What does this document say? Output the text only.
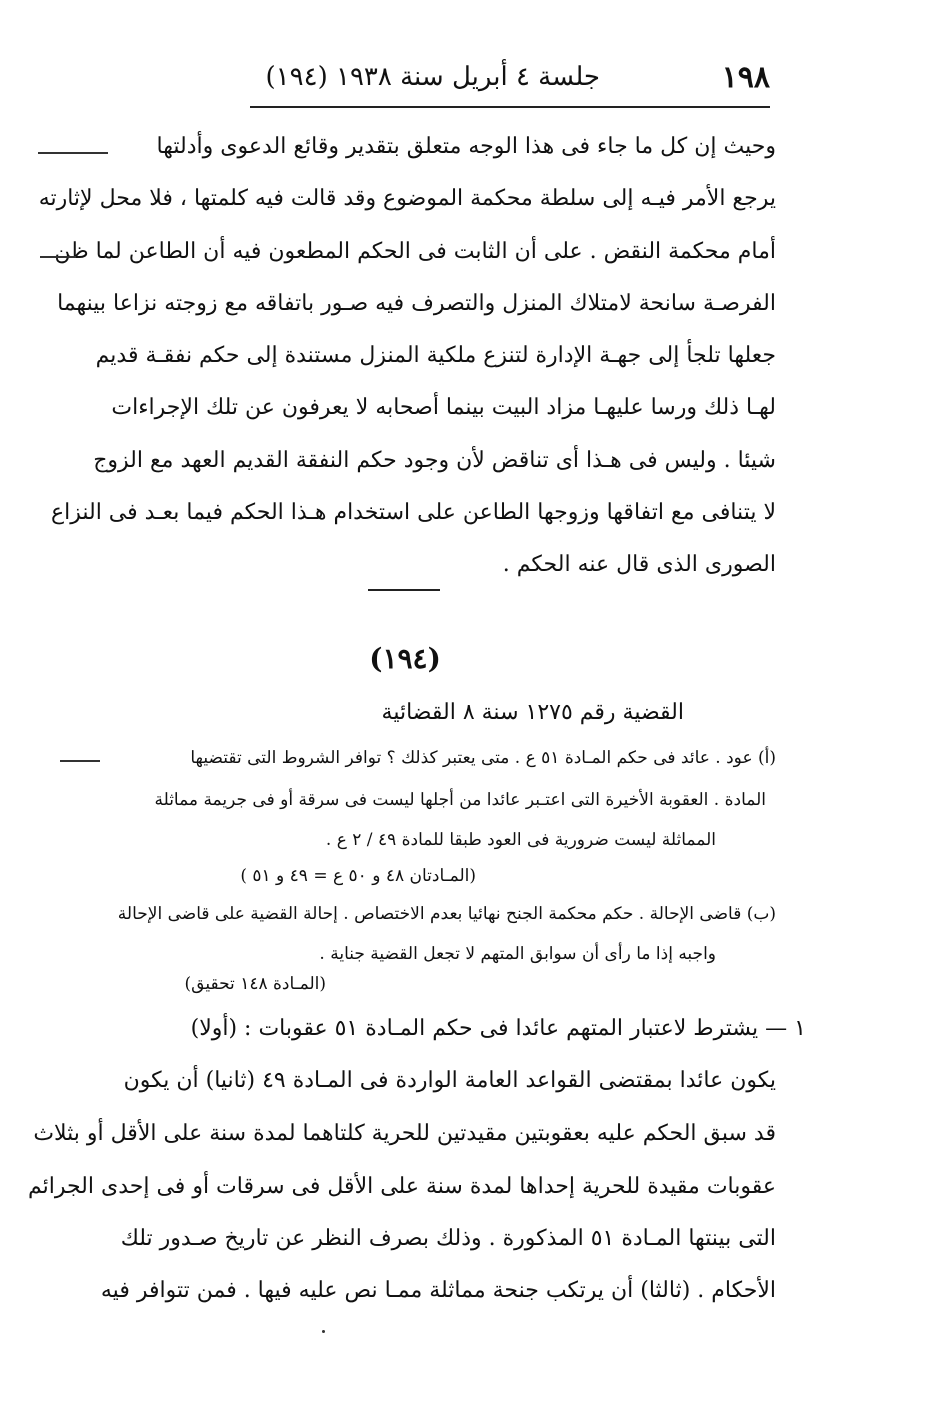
١٩٨
جلسة ٤ أبريل سنة ١٩٣٨ (١٩٤)
وحيث إن كل ما جاء فى هذا الوجه متعلق بتقدير وقائع الدعوى وأدلتها
يرجع الأمر فيـه إلى سلطة محكمة الموضوع وقد قالت فيه كلمتها ، فلا محل لإثارته
أمام محكمة النقض . على أن الثابت فى الحكم المطعون فيه أن الطاعن لما ظن
الفرصـة سانحة لامتلاك المنزل والتصرف فيه صـور باتفاقه مع زوجته نزاعا بينهما
جعلها تلجأ إلى جهـة الإدارة لتنزع ملكية المنزل مستندة إلى حكم نفقـة قديم
لهـا ذلك ورسا عليهـا مزاد البيت بينما أصحابه لا يعرفون عن تلك الإجراءات
شيئا . وليس فى هـذا أى تناقض لأن وجود حكم النفقة القديم العهد مع الزوج
لا يتنافى مع اتفاقها وزوجها الطاعن على استخدام هـذا الحكم فيما بعـد فى النزاع
الصورى الذى قال عنه الحكم .
(١٩٤)
القضية رقم ١٢٧٥ سنة ٨ القضائية
(أ) عود . عائد فى حكم المـادة ٥١ ع . متى يعتبر كذلك ؟ توافر الشروط التى تقتضيها
المادة . العقوبة الأخيرة التى اعتـبر عائدا من أجلها ليست فى سرقة أو فى جريمة مماثلة
المماثلة ليست ضرورية فى العود طبقا للمادة ٤٩ / ٢ ع .
(المـادتان ٤٨ و ٥٠ ع = ٤٩ و ٥١ )
(ب) قاضى الإحالة . حكم محكمة الجنح نهائيا بعدم الاختصاص . إحالة القضية على قاضى الإحالة
واجبه إذا ما رأى أن سوابق المتهم لا تجعل القضية جناية .
(المـادة ١٤٨ تحقيق)
١ — يشترط لاعتبار المتهم عائدا فى حكم المـادة ٥١ عقوبات : (أولا)
يكون عائدا بمقتضى القواعد العامة الواردة فى المـادة ٤٩ (ثانيا) أن يكون
قد سبق الحكم عليه بعقوبتين مقيدتين للحرية كلتاهما لمدة سنة على الأقل أو بثلاث
عقوبات مقيدة للحرية إحداها لمدة سنة على الأقل فى سرقات أو فى إحدى الجرائم
التى بينتها المـادة ٥١ المذكورة . وذلك بصرف النظر عن تاريخ صـدور تلك
الأحكام . (ثالثا) أن يرتكب جنحة مماثلة ممـا نص عليه فيها . فمن تتوافر فيه
